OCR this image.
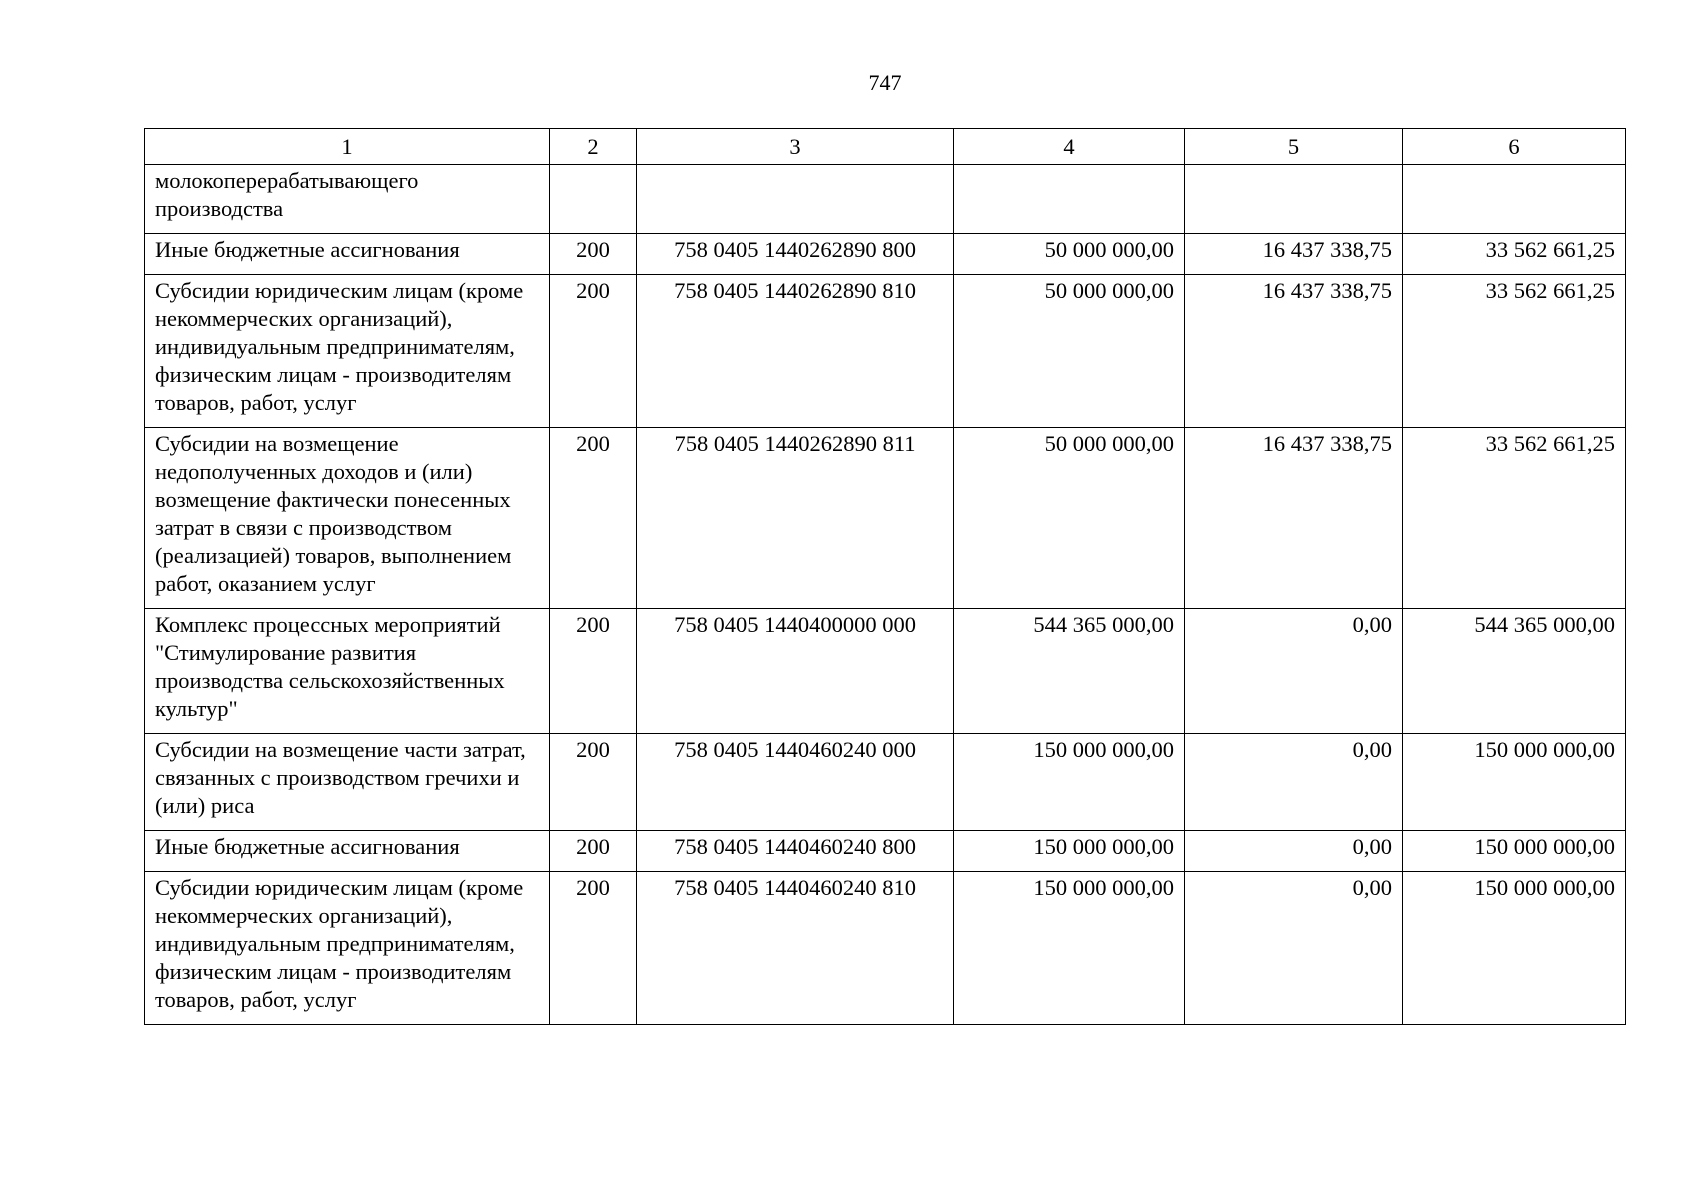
747
1	2	3	4	5	6
молокоперерабатывающего производства					
Иные бюджетные ассигнования	200	758 0405 1440262890 800	50 000 000,00	16 437 338,75	33 562 661,25
Субсидии юридическим лицам (кроме некоммерческих организаций), индивидуальным предпринимателям, физическим лицам - производителям товаров, работ, услуг	200	758 0405 1440262890 810	50 000 000,00	16 437 338,75	33 562 661,25
Субсидии на возмещение недополученных доходов и (или) возмещение фактически понесенных затрат в связи с производством (реализацией) товаров, выполнением работ, оказанием услуг	200	758 0405 1440262890 811	50 000 000,00	16 437 338,75	33 562 661,25
Комплекс процессных мероприятий "Стимулирование развития производства сельскохозяйственных культур"	200	758 0405 1440400000 000	544 365 000,00	0,00	544 365 000,00
Субсидии на возмещение части затрат, связанных с производством гречихи и (или) риса	200	758 0405 1440460240 000	150 000 000,00	0,00	150 000 000,00
Иные бюджетные ассигнования	200	758 0405 1440460240 800	150 000 000,00	0,00	150 000 000,00
Субсидии юридическим лицам (кроме некоммерческих организаций), индивидуальным предпринимателям, физическим лицам - производителям товаров, работ, услуг	200	758 0405 1440460240 810	150 000 000,00	0,00	150 000 000,00
